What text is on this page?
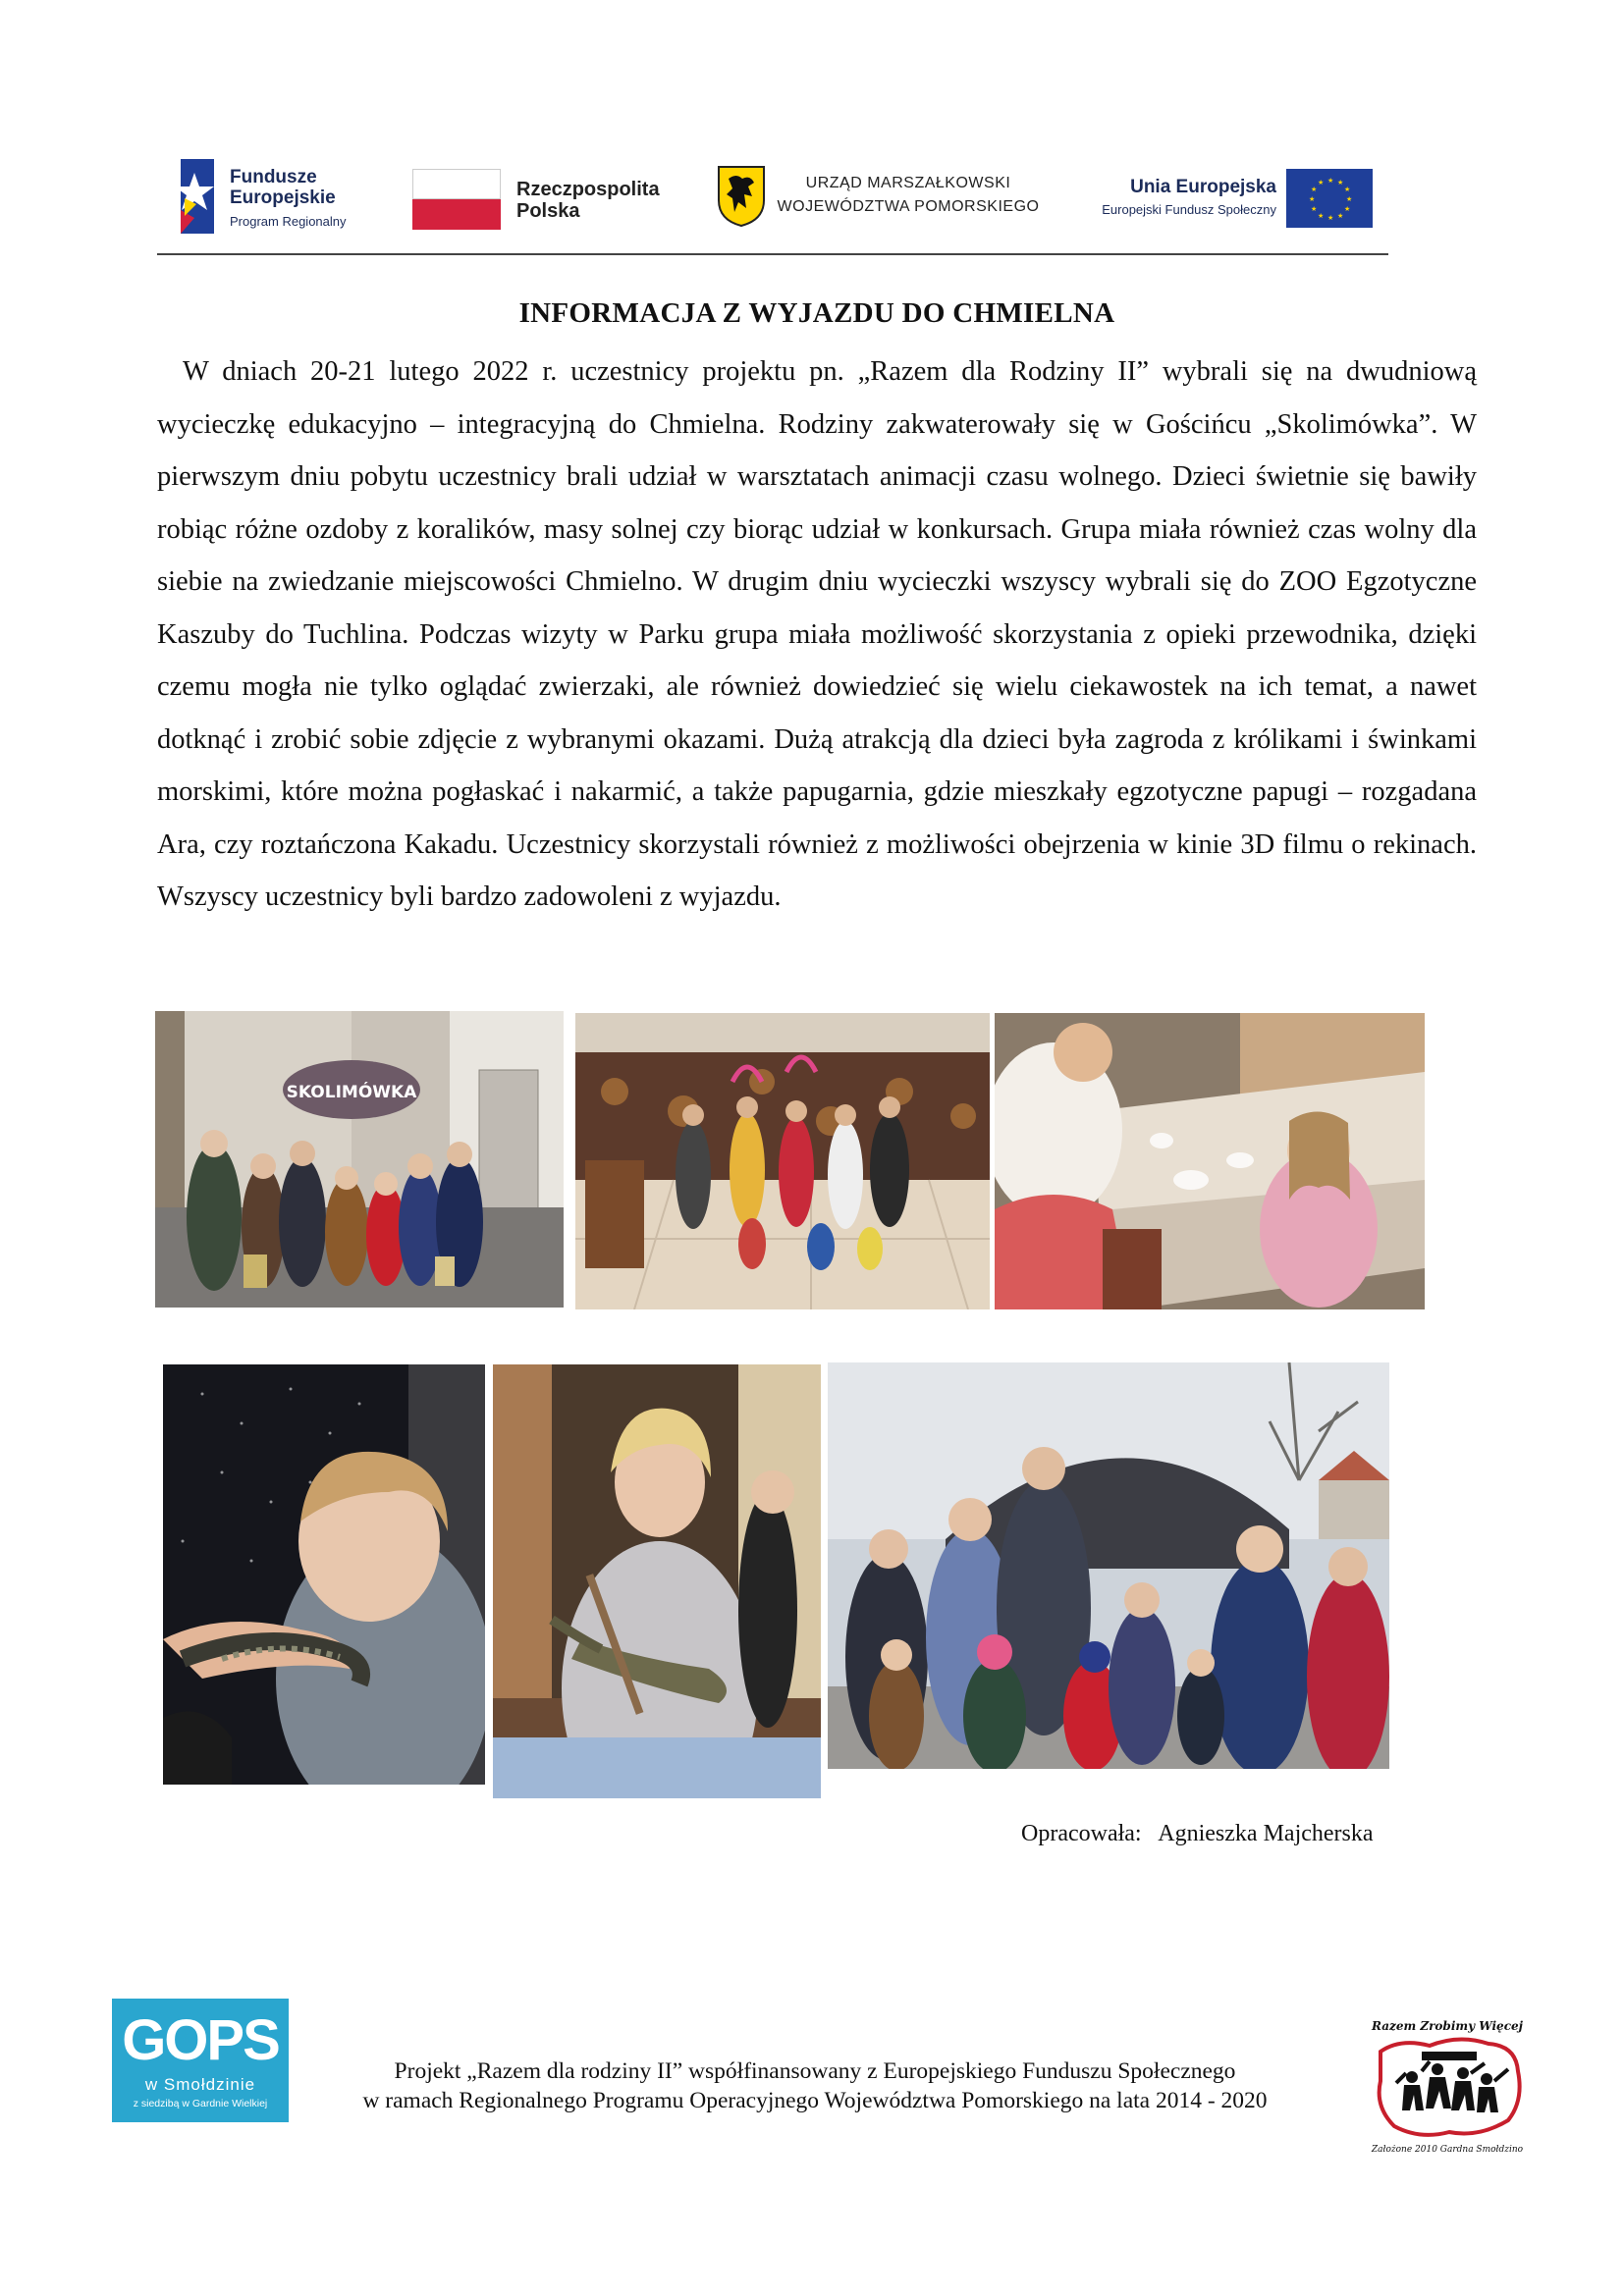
Fundusze
Europejskie
Program Regionalny
Rzeczpospolita
Polska
URZĄD MARSZAŁKOWSKI
WOJEWÓDZTWA POMORSKIEGO
Unia Europejska
Europejski Fundusz Społeczny
★ ★
★
★
★
★
★
★
★
★
★
★
INFORMACJA Z WYJAZDU DO CHMIELNA

W dniach 20-21 lutego 2022 r. uczestnicy projektu pn. „Razem dla Rodziny II” wybrali się na dwudniową wycieczkę edukacyjno – integracyjną do Chmielna. Rodziny zakwaterowały się w Gościńcu „Skolimówka”. W pierwszym dniu pobytu uczestnicy brali udział w warsztatach animacji czasu wolnego. Dzieci świetnie się bawiły robiąc różne ozdoby z koralików, masy solnej czy biorąc udział w konkursach. Grupa miała również czas wolny dla siebie na zwiedzanie miejscowości Chmielno. W drugim dniu wycieczki wszyscy wybrali się do ZOO Egzotyczne Kaszuby do Tuchlina. Podczas wizyty w Parku grupa miała możliwość skorzystania z opieki przewodnika, dzięki czemu mogła nie tylko oglądać zwierzaki, ale również dowiedzieć się wielu ciekawostek na ich temat, a nawet dotknąć i zrobić sobie zdjęcie z wybranymi okazami. Dużą atrakcją dla dzieci była zagroda z królikami i świnkami morskimi, które można pogłaskać i nakarmić, a także papugarnia, gdzie mieszkały egzotyczne papugi – rozgadana Ara, czy roztańczona Kakadu. Uczestnicy skorzystali również z możliwości obejrzenia w kinie 3D filmu o rekinach. Wszyscy uczestnicy byli bardzo zadowoleni z wyjazdu.

SKOLIMÓWKA
Opracowała:   Agnieszka Majcherska
GOPS
w Smołdzinie
z siedzibą w Gardnie Wielkiej
Projekt „Razem dla rodziny II” współfinansowany z Europejskiego Funduszu Społecznego
w ramach Regionalnego Programu Operacyjnego Województwa Pomorskiego na lata 2014 - 2020
Razem Zrobimy Więcej
Założone 2010 Gardna Smołdzino
